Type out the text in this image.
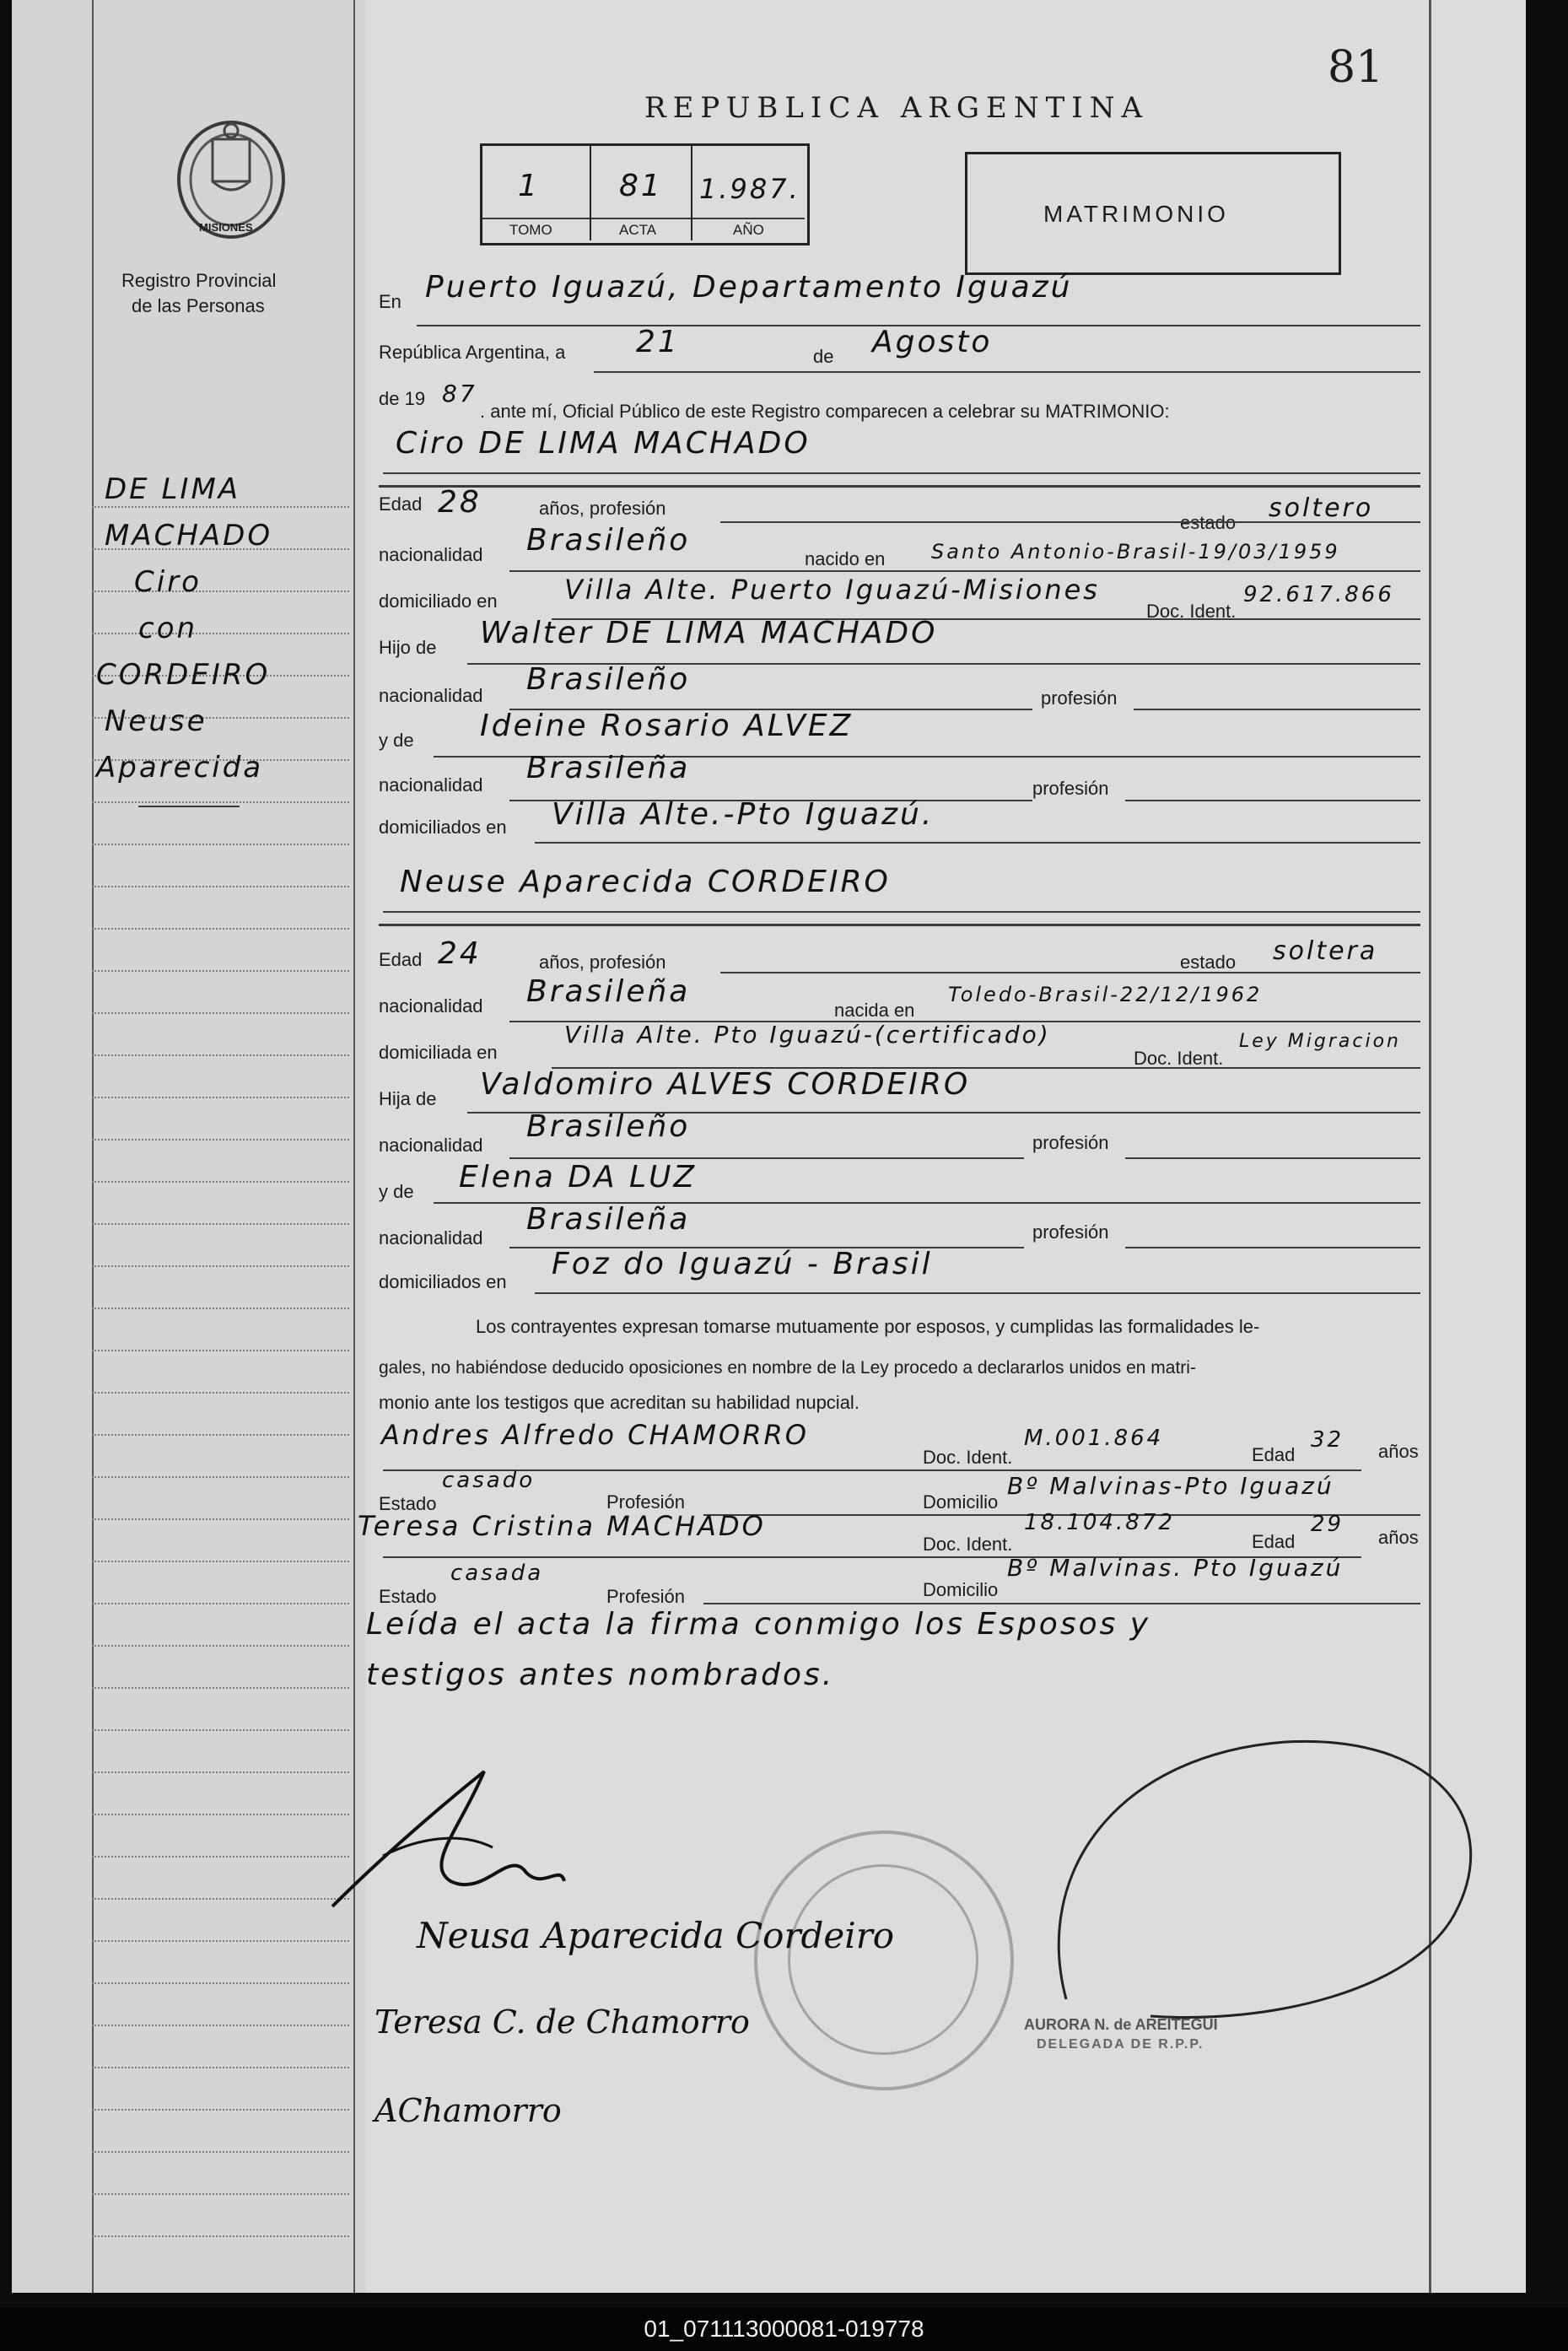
MISIONES
Registro Provincial
de las Personas
DE LIMA
MACHADO
Ciro
con
CORDEIRO
Neuse
Aparecida
81
REPUBLICA ARGENTINA
1	81 1.987.
TOMO	ACTA	AÑO
MATRIMONIO
En Puerto Iguazú, Departamento Iguazú
República Argentina, a 21	de Agosto
de 19 87
. ante mí, Oficial Público de este Registro comparecen a celebrar su MATRIMONIO:
Ciro DE LIMA MACHADO
Edad 28	años, profesión
estado soltero
nacionalidad Brasileño
nacido en Santo Antonio-Brasil-19/03/1959
domiciliado en Villa Alte. Puerto Iguazú-Misiones
Doc. Ident.
92.617.866
Hijo de Walter DE LIMA MACHADO
nacionalidad Brasileño
profesión
y de Ideine Rosario ALVEZ
nacionalidad Brasileña
profesión
domiciliados en Villa Alte.-Pto Iguazú.
Neuse Aparecida CORDEIRO
Edad 24	años, profesión	estado soltera
nacionalidad Brasileña
nacida en
Toledo-Brasil-22/12/1962
domiciliada en
Villa Alte. Pto Iguazú-(certificado)
Doc. Ident.
Ley Migracion
Hija de Valdomiro ALVES CORDEIRO
nacionalidad
Brasileño	profesión
y de Elena DA LUZ
nacionalidad
Brasileña	profesión
domiciliados en
Foz do Iguazú - Brasil
Los contrayentes expresan tomarse mutuamente por esposos, y cumplidas las formalidades le-
gales, no habiéndose deducido oposiciones en nombre de la Ley procedo a declararlos unidos en matri-
monio ante los testigos que acreditan su habilidad nupcial.
Andres Alfredo CHAMORRO
Doc. Ident.
M.001.864
Edad
32 años
Estado
casado
Profesión	Domicilio
Bº Malvinas-Pto Iguazú
Teresa Cristina MACHADO
Doc. Ident.
18.104.872
Edad
29
años
Estado
casada
Profesión	Domicilio
Bº Malvinas. Pto Iguazú
Leída el acta la firma conmigo los Esposos y
testigos antes nombrados.
Neusa Aparecida Cordeiro
Teresa C. de Chamorro
AChamorro
AURORA N. de AREITEGUI
DELEGADA DE R.P.P.
01_071113000081-019778
